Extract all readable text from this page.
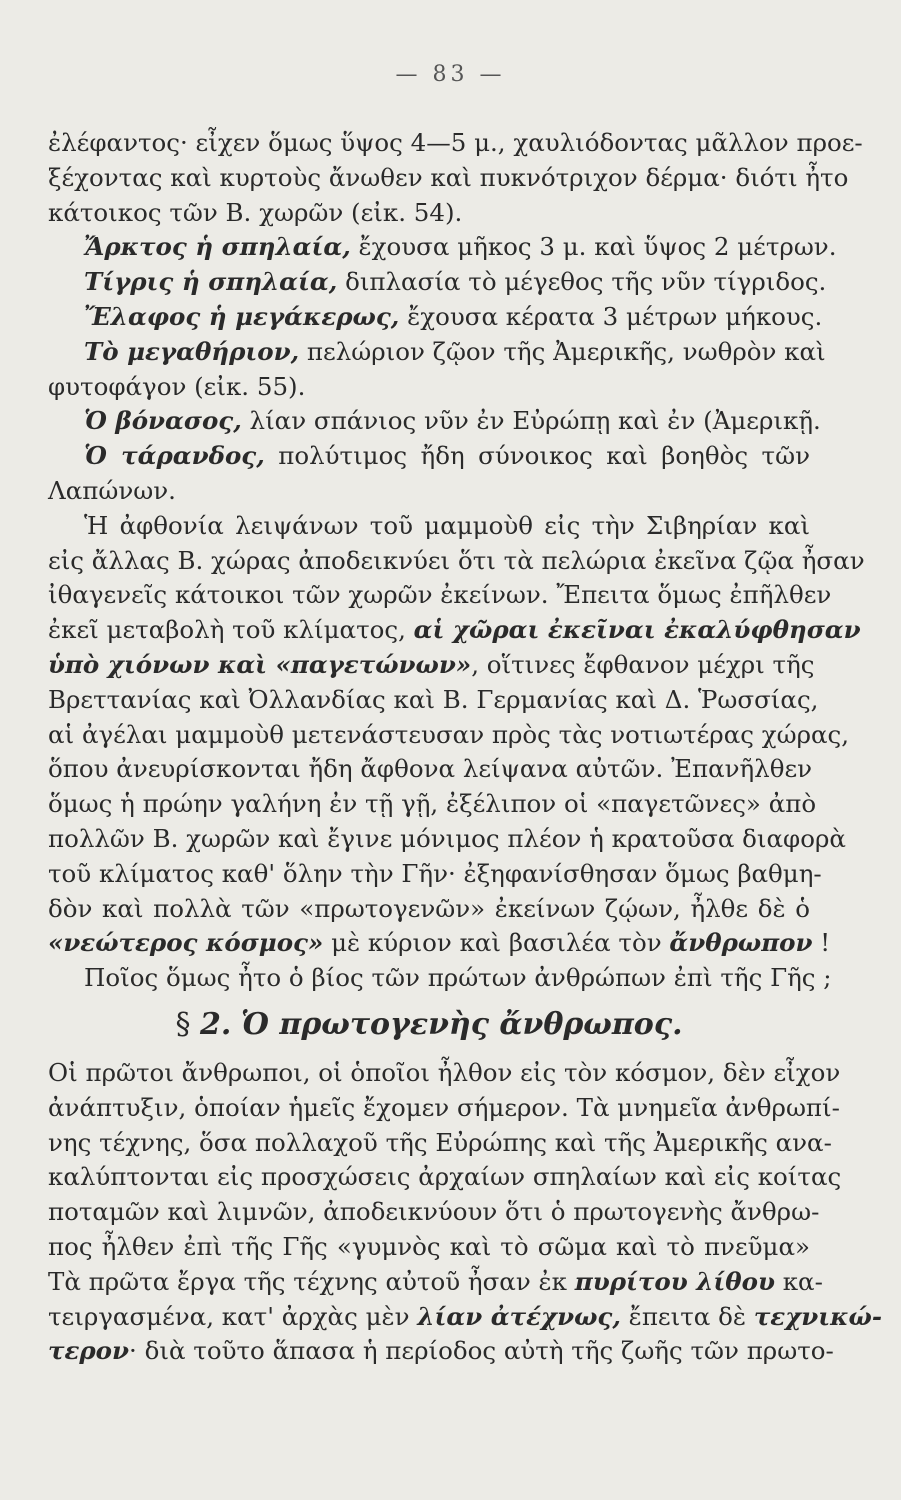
— 83 —
ἐλέφαντος· εἶχεν ὅμως ὕψος 4—5 μ., χαυλιόδοντας μᾶλλον προε-
ξέχοντας καὶ κυρτοὺς ἄνωθεν καὶ πυκνότριχον δέρμα· διότι ἦτο
κάτοικος τῶν Β. χωρῶν (εἰκ. 54).
Ἄρκτος ἡ σπηλαία, ἔχουσα μῆκος 3 μ. καὶ ὕψος 2 μέτρων.
Τίγρις ἡ σπηλαία, διπλασία τὸ μέγεθος τῆς νῦν τίγριδος.
Ἔλαφος ἡ μεγάκερως, ἔχουσα κέρατα 3 μέτρων μήκους.
Τὸ μεγαθήριον, πελώριον ζῷον τῆς Ἀμερικῆς, νωθρὸν καὶ
φυτοφάγον (εἰκ. 55).
Ὁ βόνασος, λίαν σπάνιος νῦν ἐν Εὐρώπῃ καὶ ἐν (Ἀμερικῇ.
Ὁ τάρανδος, πολύτιμος ἤδη σύνοικος καὶ βοηθὸς τῶν
Λαπώνων.
Ἡ ἀφθονία λειψάνων τοῦ μαμμοὺθ εἰς τὴν Σιβηρίαν καὶ
εἰς ἄλλας Β. χώρας ἀποδεικνύει ὅτι τὰ πελώρια ἐκεῖνα ζῷα ἦσαν
ἰθαγενεῖς κάτοικοι τῶν χωρῶν ἐκείνων. Ἔπειτα ὅμως ἐπῆλθεν
ἐκεῖ μεταβολὴ τοῦ κλίματος, αἱ χῶραι ἐκεῖναι ἐκαλύφθησαν
ὑπὸ χιόνων καὶ «παγετώνων», οἵτινες ἔφθανον μέχρι τῆς
Βρεττανίας καὶ Ὀλλανδίας καὶ Β. Γερμανίας καὶ Δ. Ῥωσσίας,
αἱ ἀγέλαι μαμμοὺθ μετενάστευσαν πρὸς τὰς νοτιωτέρας χώρας,
ὅπου ἀνευρίσκονται ἤδη ἄφθονα λείψανα αὐτῶν. Ἐπανῆλθεν
ὅμως ἡ πρώην γαλήνη ἐν τῇ γῇ, ἐξέλιπον οἱ «παγετῶνες» ἀπὸ
πολλῶν Β. χωρῶν καὶ ἔγινε μόνιμος πλέον ἡ κρατοῦσα διαφορὰ
τοῦ κλίματος καθ' ὅλην τὴν Γῆν· ἐξηφανίσθησαν ὅμως βαθμη-
δὸν καὶ πολλὰ τῶν «πρωτογενῶν» ἐκείνων ζῴων, ἦλθε δὲ ὁ
«νεώτερος κόσμος» μὲ κύριον καὶ βασιλέα τὸν ἄνθρωπον !
Ποῖος ὅμως ἦτο ὁ βίος τῶν πρώτων ἀνθρώπων ἐπὶ τῆς Γῆς ;
§ 2. Ὁ πρωτογενὴς ἄνθρωπος.
Οἱ πρῶτοι ἄνθρωποι, οἱ ὁποῖοι ἦλθον εἰς τὸν κόσμον, δὲν εἶχον
ἀνάπτυξιν, ὁποίαν ἡμεῖς ἔχομεν σήμερον. Τὰ μνημεῖα ἀνθρωπί-
νης τέχνης, ὅσα πολλαχοῦ τῆς Εὐρώπης καὶ τῆς Ἀμερικῆς ανα-
καλύπτονται εἰς προσχώσεις ἀρχαίων σπηλαίων καὶ εἰς κοίτας
ποταμῶν καὶ λιμνῶν, ἀποδεικνύουν ὅτι ὁ πρωτογενὴς ἄνθρω-
πος ἦλθεν ἐπὶ τῆς Γῆς «γυμνὸς καὶ τὸ σῶμα καὶ τὸ πνεῦμα»
Τὰ πρῶτα ἔργα τῆς τέχνης αὐτοῦ ἦσαν ἐκ πυρίτου λίθου κα-
τειργασμένα, κατ' ἀρχὰς μὲν λίαν ἀτέχνως, ἔπειτα δὲ τεχνικώ-
τερον· διὰ τοῦτο ἅπασα ἡ περίοδος αὐτὴ τῆς ζωῆς τῶν πρωτο-
